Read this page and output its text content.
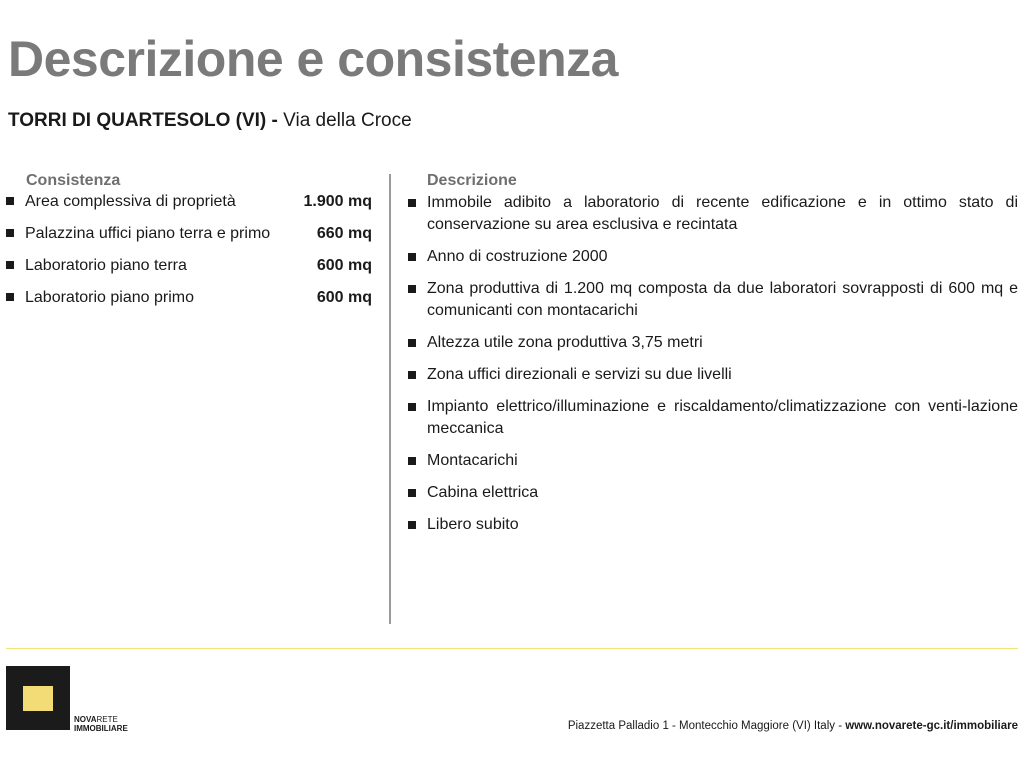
Descrizione e consistenza

TORRI DI QUARTESOLO (VI) - Via della Croce

Consistenza
Area complessiva di proprietà	1.900 mq
Palazzina uffici piano terra e primo	660 mq
Laboratorio piano terra	600 mq
Laboratorio piano primo	600 mq
Descrizione
Immobile adibito a laboratorio di recente edificazione e in ottimo stato di conservazione su area esclusiva e recintata
Anno di costruzione 2000
Zona produttiva di 1.200 mq composta da due laboratori sovrapposti di 600 mq e comunicanti con montacarichi
Altezza utile zona produttiva 3,75 metri
Zona uffici direzionali e servizi su due livelli
Impianto elettrico/illuminazione e riscaldamento/climatizzazione con venti-lazione meccanica
Montacarichi
Cabina elettrica
Libero subito
NOVARETE
IMMOBILIARE	Piazzetta Palladio 1 - Montecchio Maggiore (VI) Italy - www.novarete-gc.it/immobiliare
